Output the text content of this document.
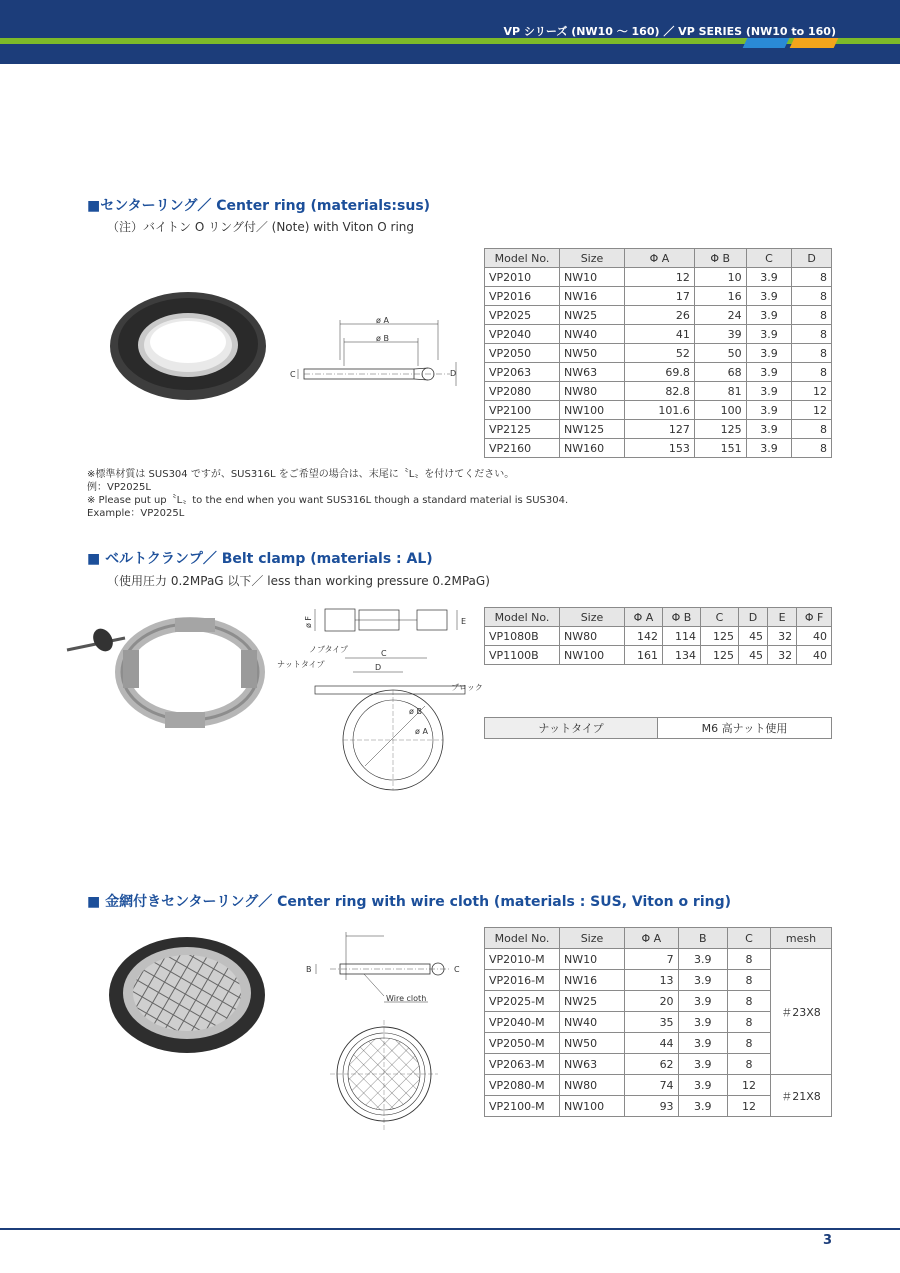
VP シリーズ (NW10 〜 160) ／ VP SERIES (NW10 to 160)
■センターリング／ Center ring (materials:sus)
（注）バイトン O リング付／ (Note) with Viton O ring
ø A
ø B
C	D
Model No.	Size	Φ A	Φ B	C	D
VP2010	NW10	12	10	3.9	8
VP2016	NW16	17	16	3.9	8
VP2025	NW25	26	24	3.9	8
VP2040	NW40	41	39	3.9	8
VP2050	NW50	52	50	3.9	8
VP2063	NW63	69.8	68	3.9	8
VP2080	NW80	82.8	81	3.9	12
VP2100	NW100	101.6	100	3.9	12
VP2125	NW125	127	125	3.9	8
VP2160	NW160	153	151	3.9	8
※標準材質は SUS304 ですが、SUS316L をご希望の場合は、末尾に〝L〟を付けてください。
例：VP2025L
※ Please put up〝L〟to the end when you want SUS316L though a standard material is SUS304.
Example：VP2025L
■ ベルトクランプ／ Belt clamp (materials : AL)
（使用圧力 0.2MPaG 以下／ less than working pressure 0.2MPaG)
ø F	E
ノブタイプ
ナットタイプ
C
D
ブロック
ø A
ø B
Model No.	Size	Φ A	Φ B	C	D	E	Φ F
VP1080B	NW80	142	114	125	45	32	40
VP1100B	NW100	161	134	125	45	32	40
ナットタイプ	M6 高ナット使用
■ 金網付きセンターリング／ Center ring with wire cloth (materials : SUS, Viton o ring)
B	C
Wire cloth
Model No.	Size	Φ A	B	C	mesh
VP2010-M	NW10	7	3.9	8	＃23X8
VP2016-M	NW16	13	3.9	8	
VP2025-M	NW25	20	3.9	8	
VP2040-M	NW40	35	3.9	8	
VP2050-M	NW50	44	3.9	8	
VP2063-M	NW63	62	3.9	8	
VP2080-M	NW80	74	3.9	12	＃21X8
VP2100-M	NW100	93	3.9	12	
3
